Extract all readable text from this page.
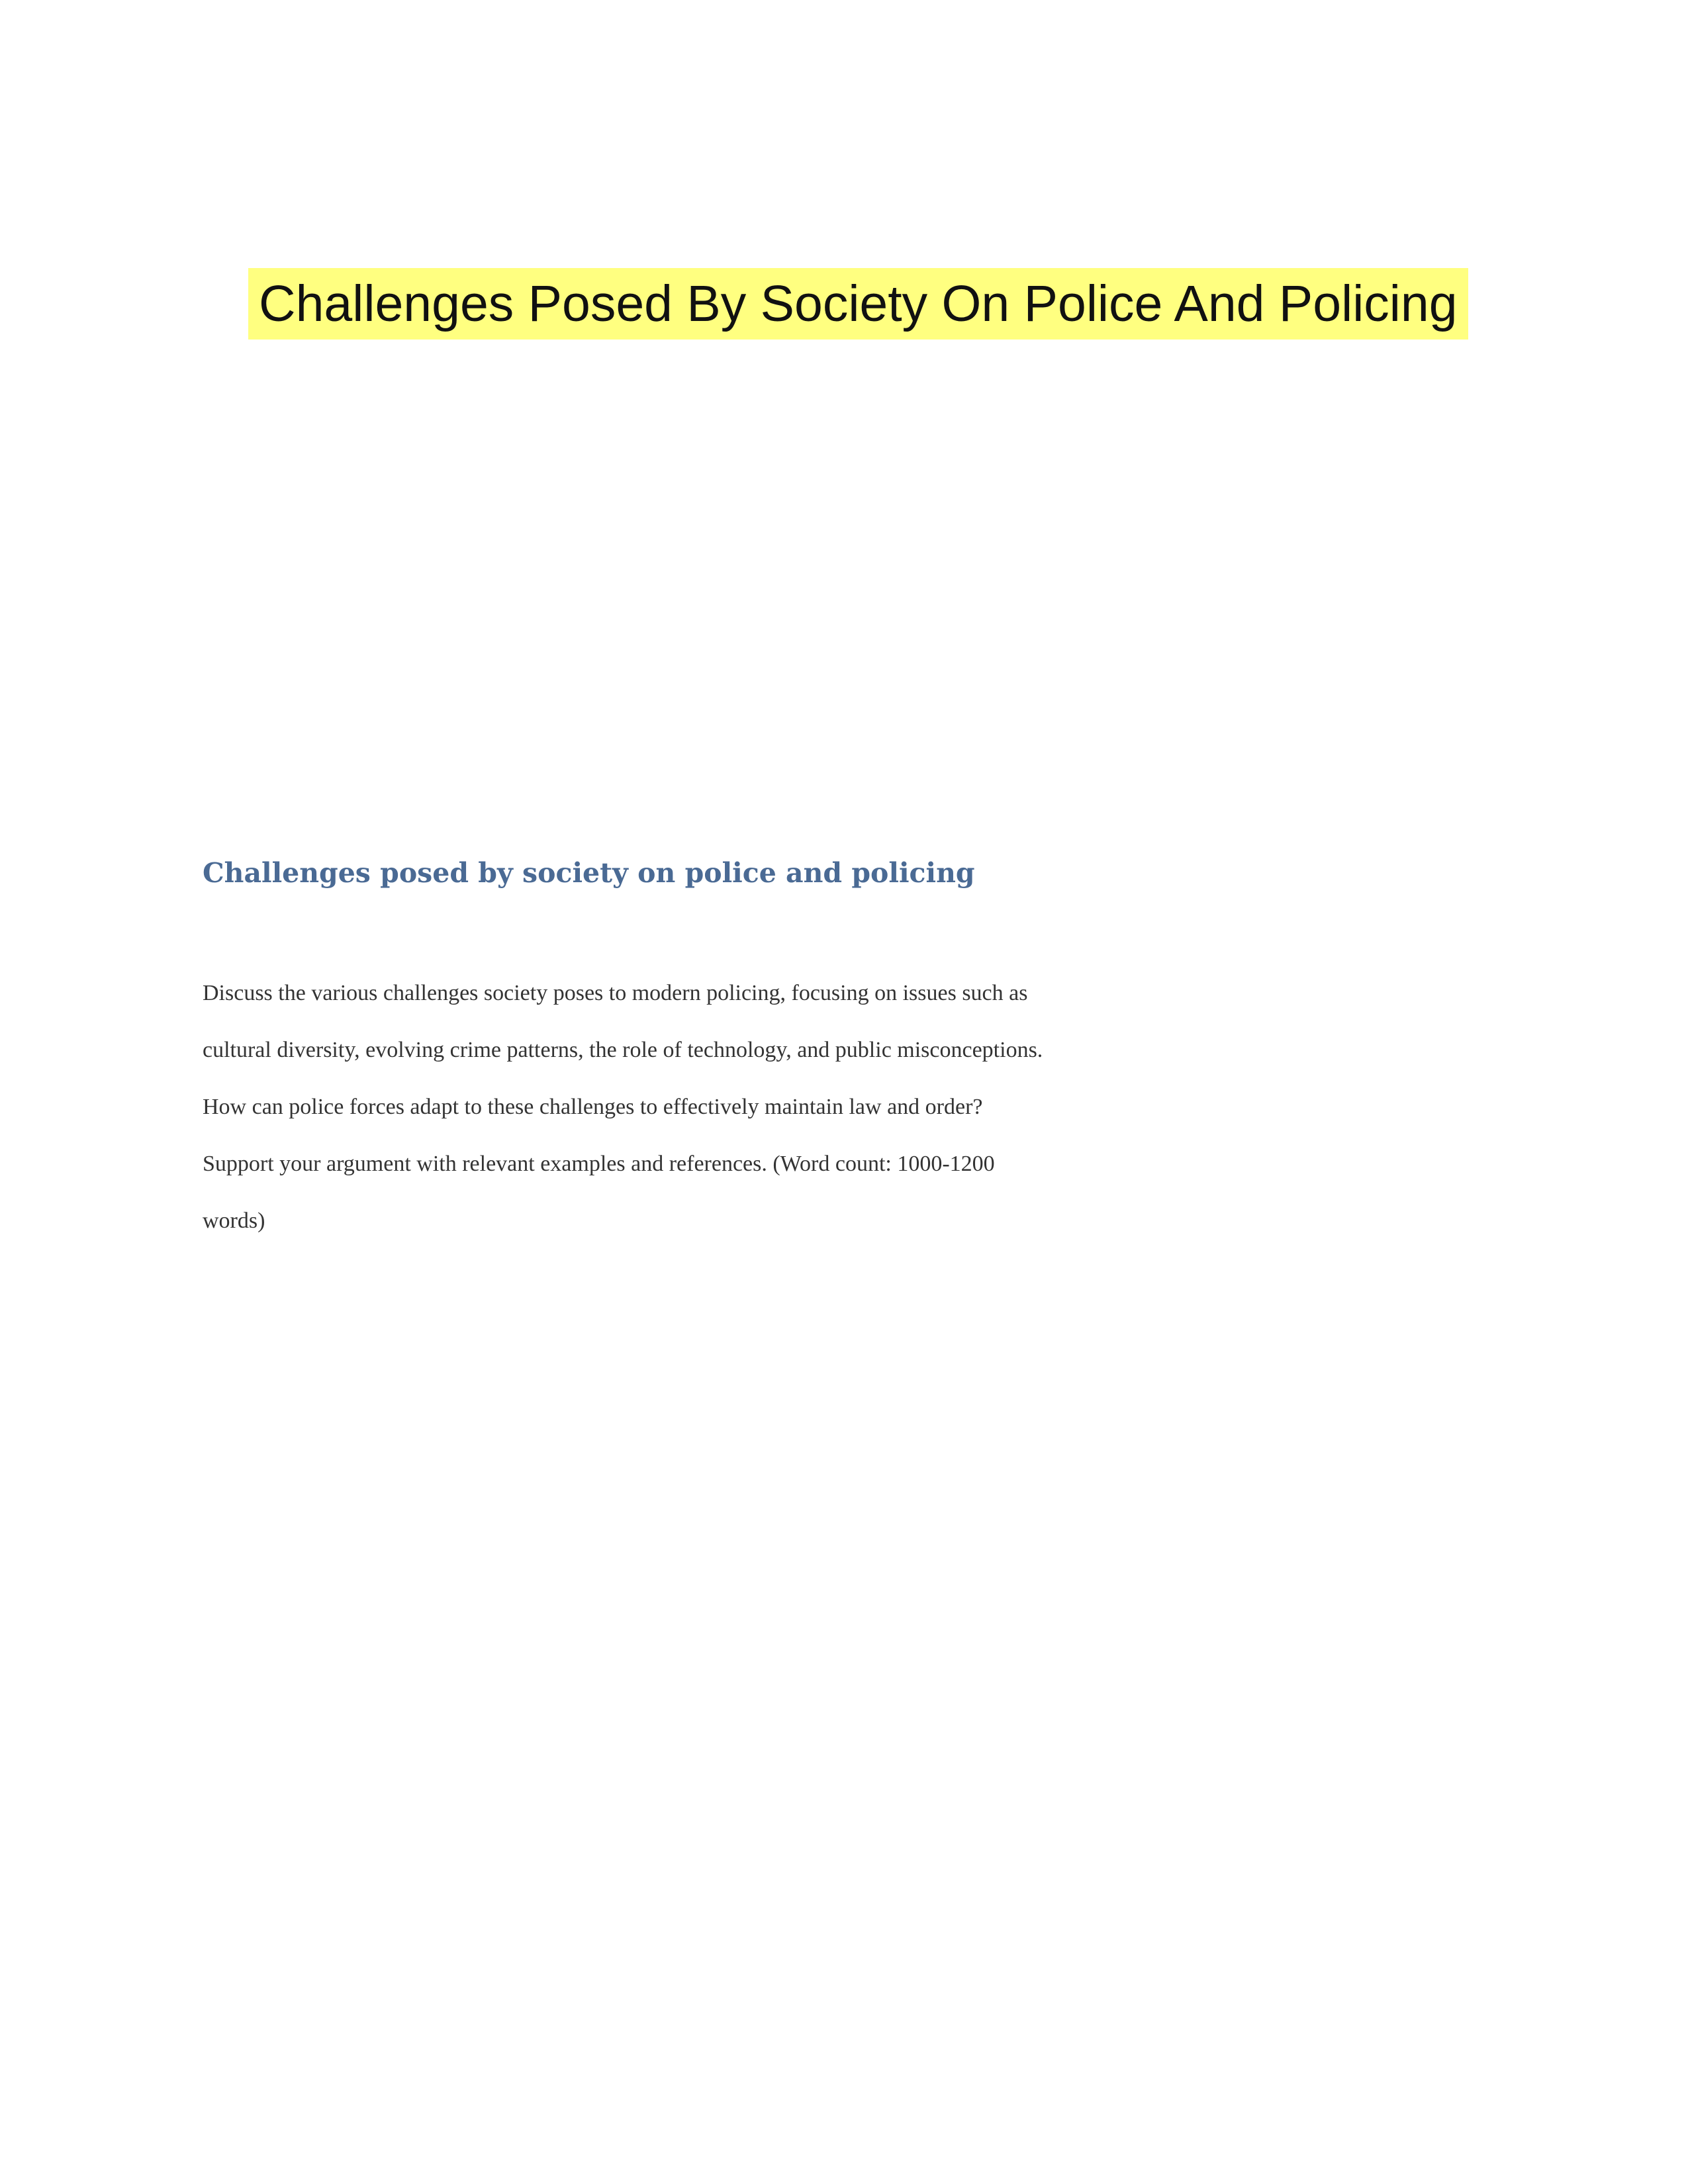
Challenges Posed By Society On Police And Policing
Challenges posed by society on police and policing
Discuss the various challenges society poses to modern policing, focusing on issues such as
cultural diversity, evolving crime patterns, the role of technology, and public misconceptions.
How can police forces adapt to these challenges to effectively maintain law and order?
Support your argument with relevant examples and references. (Word count: 1000-1200
words)
